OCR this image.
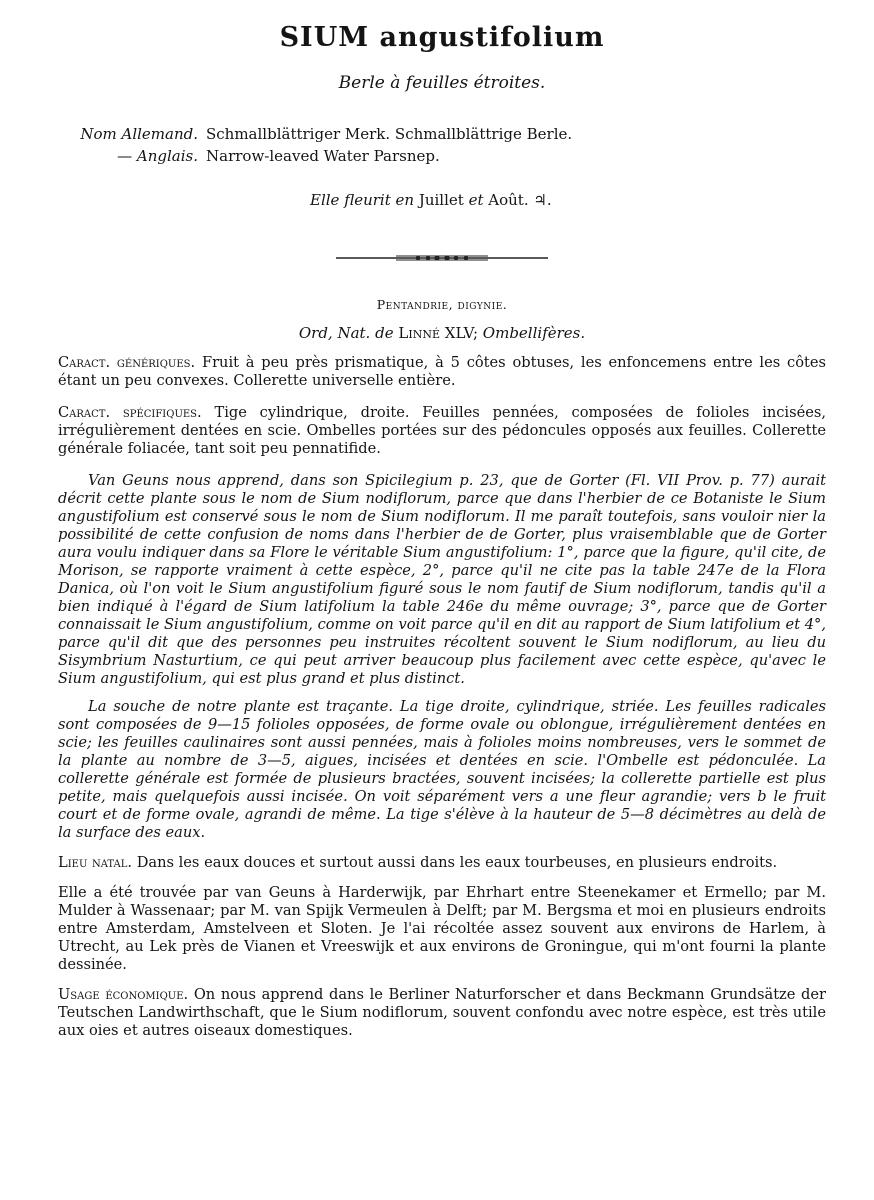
SIUM angustifolium
Berle à feuilles étroites.
Nom Allemand. Schmallblättriger Merk. Schmallblättrige Berle.
— Anglais. Narrow-leaved Water Parsnep.
Elle fleurit en Juillet et Août. ♃.
Pentandrie, digynie.
Ord, Nat. de Linné XLV; Ombellifères.

Caract. génériques. Fruit à peu près prismatique, à 5 côtes obtuses, les enfoncemens entre les côtes étant un peu convexes. Collerette universelle entière.

Caract. spécifiques. Tige cylindrique, droite. Feuilles pennées, composées de folioles incisées, irrégulièrement dentées en scie. Ombelles portées sur des pédoncules opposés aux feuilles. Collerette générale foliacée, tant soit peu pennatifide.

Van Geuns nous apprend, dans son Spicilegium p. 23, que de Gorter (Fl. VII Prov. p. 77) aurait décrit cette plante sous le nom de Sium nodiflorum, parce que dans l'herbier de ce Botaniste le Sium angustifolium est conservé sous le nom de Sium nodiflorum. Il me paraît toutefois, sans vouloir nier la possibilité de cette confusion de noms dans l'herbier de de Gorter, plus vraisemblable que de Gorter aura voulu indiquer dans sa Flore le véritable Sium angustifolium: 1°, parce que la figure, qu'il cite, de Morison, se rapporte vraiment à cette espèce, 2°, parce qu'il ne cite pas la table 247e de la Flora Danica, où l'on voit le Sium angustifolium figuré sous le nom fautif de Sium nodiflorum, tandis qu'il a bien indiqué à l'égard de Sium latifolium la table 246e du même ouvrage; 3°, parce que de Gorter connaissait le Sium angustifolium, comme on voit parce qu'il en dit au rapport de Sium latifolium et 4°, parce qu'il dit que des personnes peu instruites récoltent souvent le Sium nodiflorum, au lieu du Sisymbrium Nasturtium, ce qui peut arriver beaucoup plus facilement avec cette espèce, qu'avec le Sium angustifolium, qui est plus grand et plus distinct.

La souche de notre plante est traçante. La tige droite, cylindrique, striée. Les feuilles radicales sont composées de 9—15 folioles opposées, de forme ovale ou oblongue, irrégulièrement dentées en scie; les feuilles caulinaires sont aussi pennées, mais à folioles moins nombreuses, vers le sommet de la plante au nombre de 3—5, aigues, incisées et dentées en scie. l'Ombelle est pédonculée. La collerette générale est formée de plusieurs bractées, souvent incisées; la collerette partielle est plus petite, mais quelquefois aussi incisée. On voit séparément vers a une fleur agrandie; vers b le fruit court et de forme ovale, agrandi de même. La tige s'élève à la hauteur de 5—8 décimètres au delà de la surface des eaux.

Lieu natal. Dans les eaux douces et surtout aussi dans les eaux tourbeuses, en plusieurs endroits.

Elle a été trouvée par van Geuns à Harderwijk, par Ehrhart entre Steenekamer et Ermello; par M. Mulder à Wassenaar; par M. van Spijk Vermeulen à Delft; par M. Bergsma et moi en plusieurs endroits entre Amsterdam, Amstelveen et Sloten. Je l'ai récoltée assez souvent aux environs de Harlem, à Utrecht, au Lek près de Vianen et Vreeswijk et aux environs de Groningue, qui m'ont fourni la plante dessinée.

Usage économique. On nous apprend dans le Berliner Naturforscher et dans Beckmann Grundsätze der Teutschen Landwirthschaft, que le Sium nodiflorum, souvent confondu avec notre espèce, est très utile aux oies et autres oiseaux domestiques.
